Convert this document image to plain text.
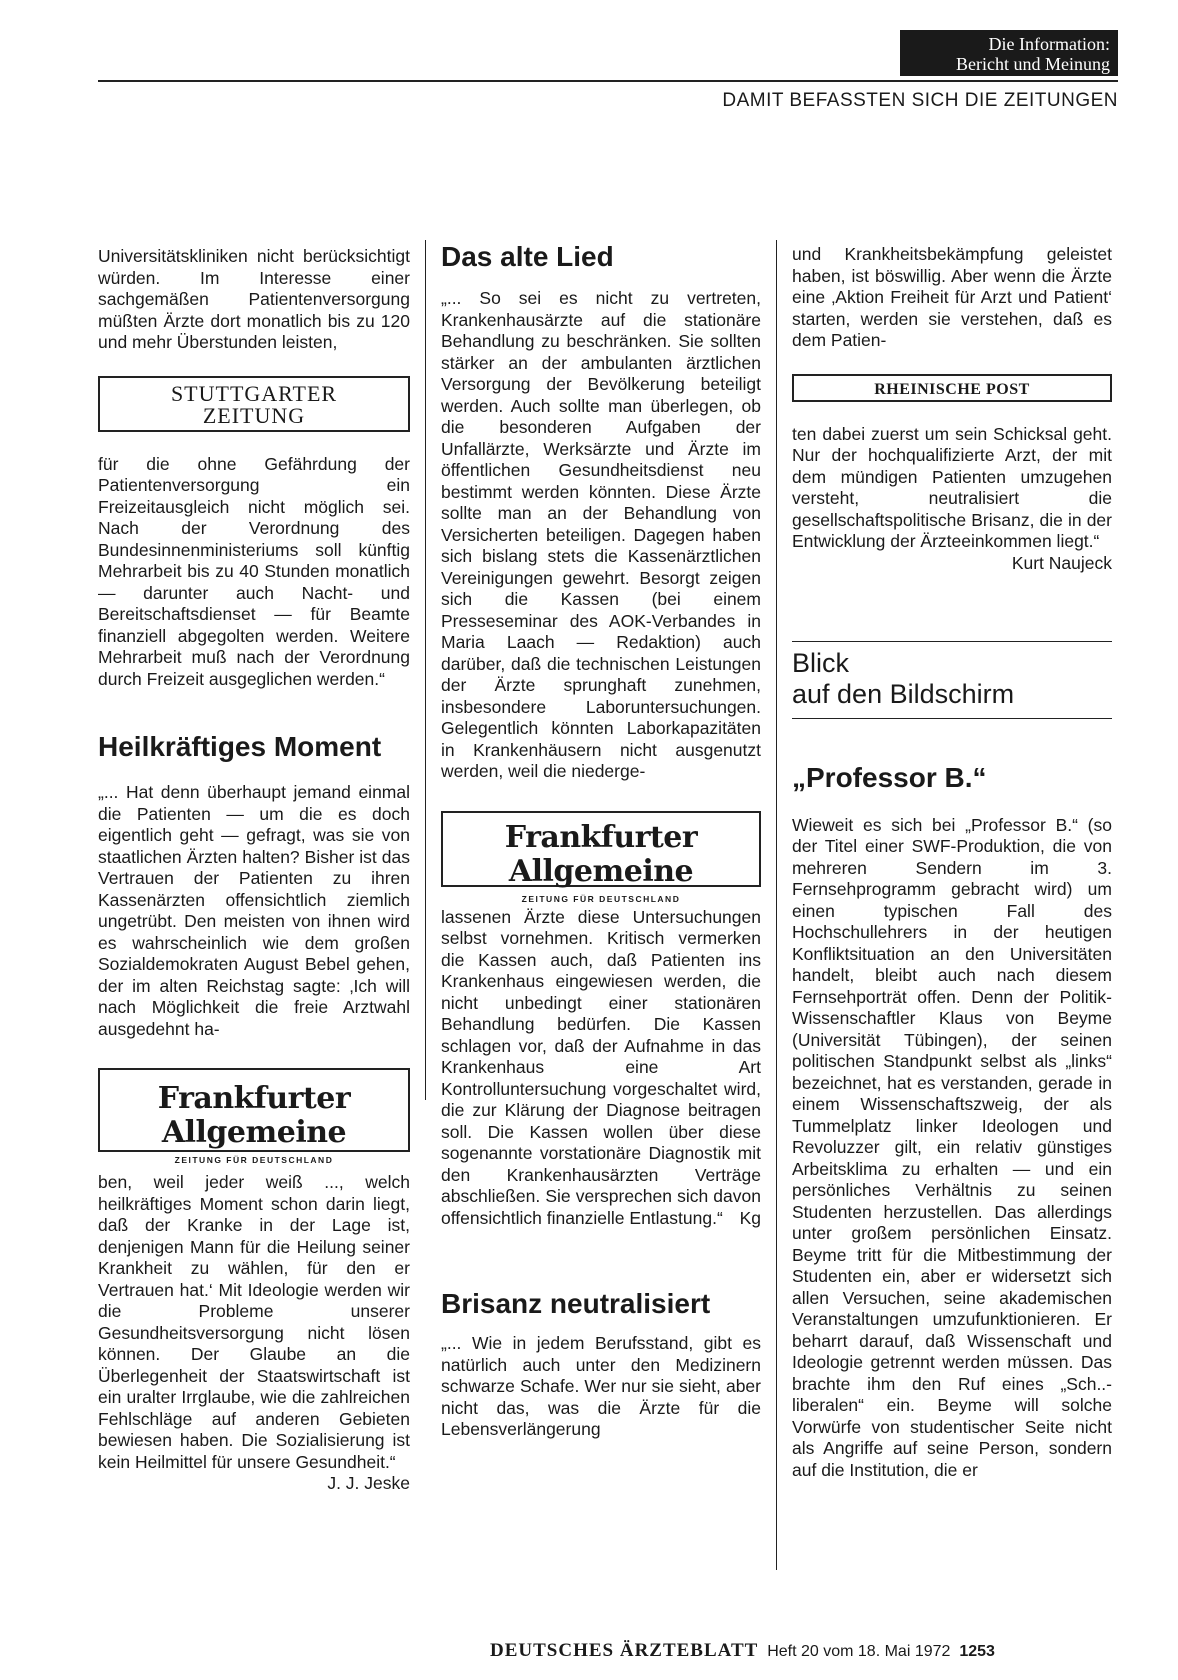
Die Information:
Bericht und Meinung
DAMIT BEFASSTEN SICH DIE ZEITUNGEN

Universitätskliniken nicht berücksichtigt würden. Im Interesse einer sachgemäßen Patientenversorgung müßten Ärzte dort monatlich bis zu 120 und mehr Überstunden leisten,

STUTTGARTER
ZEITUNG

für die ohne Gefährdung der Patientenversorgung ein Freizeitausgleich nicht möglich sei. Nach der Verordnung des Bundesinnenministeriums soll künftig Mehrarbeit bis zu 40 Stunden monatlich — darunter auch Nacht- und Bereitschaftsdienset — für Beamte finanziell abgegolten werden. Weitere Mehrarbeit muß nach der Verordnung durch Freizeit ausgeglichen werden.“

Heilkräftiges Moment

„... Hat denn überhaupt jemand einmal die Patienten — um die es doch eigentlich geht — gefragt, was sie von staatlichen Ärzten halten? Bisher ist das Vertrauen der Patienten zu ihren Kassenärzten offensichtlich ziemlich ungetrübt. Den meisten von ihnen wird es wahrscheinlich wie dem großen Sozialdemokraten August Bebel gehen, der im alten Reichstag sagte: ‚Ich will nach Möglichkeit die freie Arztwahl ausgedehnt ha-

Frankfurter Allgemeine
ZEITUNG FÜR DEUTSCHLAND

ben, weil jeder weiß ..., welch heilkräftiges Moment schon darin liegt, daß der Kranke in der Lage ist, denjenigen Mann für die Heilung seiner Krankheit zu wählen, für den er Vertrauen hat.‘ Mit Ideologie werden wir die Probleme unserer Gesundheitsversorgung nicht lösen können. Der Glaube an die Überlegenheit der Staatswirtschaft ist ein uralter Irrglaube, wie die zahlreichen Fehlschläge auf anderen Gebieten bewiesen haben. Die Sozialisierung ist kein Heilmittel für unsere Gesundheit.“
J. J. Jeske

Das alte Lied

„... So sei es nicht zu vertreten, Krankenhausärzte auf die stationäre Behandlung zu beschränken. Sie sollten stärker an der ambulanten ärztlichen Versorgung der Bevölkerung beteiligt werden. Auch sollte man überlegen, ob die besonderen Aufgaben der Unfallärzte, Werksärzte und Ärzte im öffentlichen Gesundheitsdienst neu bestimmt werden könnten. Diese Ärzte sollte man an der Behandlung von Versicherten beteiligen. Dagegen haben sich bislang stets die Kassenärztlichen Vereinigungen gewehrt. Besorgt zeigen sich die Kassen (bei einem Presseseminar des AOK-Verbandes in Maria Laach — Redaktion) auch darüber, daß die technischen Leistungen der Ärzte sprunghaft zunehmen, insbesondere Laboruntersuchungen. Gelegentlich könnten Laborkapazitäten in Krankenhäusern nicht ausgenutzt werden, weil die niederge-

Frankfurter Allgemeine
ZEITUNG FÜR DEUTSCHLAND

lassenen Ärzte diese Untersuchungen selbst vornehmen. Kritisch vermerken die Kassen auch, daß Patienten ins Krankenhaus eingewiesen werden, die nicht unbedingt einer stationären Behandlung bedürfen. Die Kassen schlagen vor, daß der Aufnahme in das Krankenhaus eine Art Kontrolluntersuchung vorgeschaltet wird, die zur Klärung der Diagnose beitragen soll. Die Kassen wollen über diese sogenannte vorstationäre Diagnostik mit den Krankenhausärzten Verträge abschließen. Sie versprechen sich davon offensichtlich finanzielle Entlastung.“ Kg

Brisanz neutralisiert

„... Wie in jedem Berufsstand, gibt es natürlich auch unter den Medizinern schwarze Schafe. Wer nur sie sieht, aber nicht das, was die Ärzte für die Lebensverlängerung

und Krankheitsbekämpfung geleistet haben, ist böswillig. Aber wenn die Ärzte eine ‚Aktion Freiheit für Arzt und Patient‘ starten, werden sie verstehen, daß es dem Patien-

RHEINISCHE POST

ten dabei zuerst um sein Schicksal geht. Nur der hochqualifizierte Arzt, der mit dem mündigen Patienten umzugehen versteht, neutralisiert die gesellschaftspolitische Brisanz, die in der Entwicklung der Ärzteeinkommen liegt.“
Kurt Naujeck

Blick
auf den Bildschirm
„Professor B.“

Wieweit es sich bei „Professor B.“ (so der Titel einer SWF-Produktion, die von mehreren Sendern im 3. Fernsehprogramm gebracht wird) um einen typischen Fall des Hochschullehrers in der heutigen Konfliktsituation an den Universitäten handelt, bleibt auch nach diesem Fernsehporträt offen. Denn der Politik-Wissenschaftler Klaus von Beyme (Universität Tübingen), der seinen politischen Standpunkt selbst als „links“ bezeichnet, hat es verstanden, gerade in einem Wissenschaftszweig, der als Tummelplatz linker Ideologen und Revoluzzer gilt, ein relativ günstiges Arbeitsklima zu erhalten — und ein persönliches Verhältnis zu seinen Studenten herzustellen. Das allerdings unter großem persönlichen Einsatz. Beyme tritt für die Mitbestimmung der Studenten ein, aber er widersetzt sich allen Versuchen, seine akademischen Veranstaltungen umzufunktionieren. Er beharrt darauf, daß Wissenschaft und Ideologie getrennt werden müssen. Das brachte ihm den Ruf eines „Sch..-liberalen“ ein. Beyme will solche Vorwürfe von studentischer Seite nicht als Angriffe auf seine Person, sondern auf die Institution, die er

DEUTSCHES ÄRZTEBLATT Heft 20 vom 18. Mai 1972 1253
